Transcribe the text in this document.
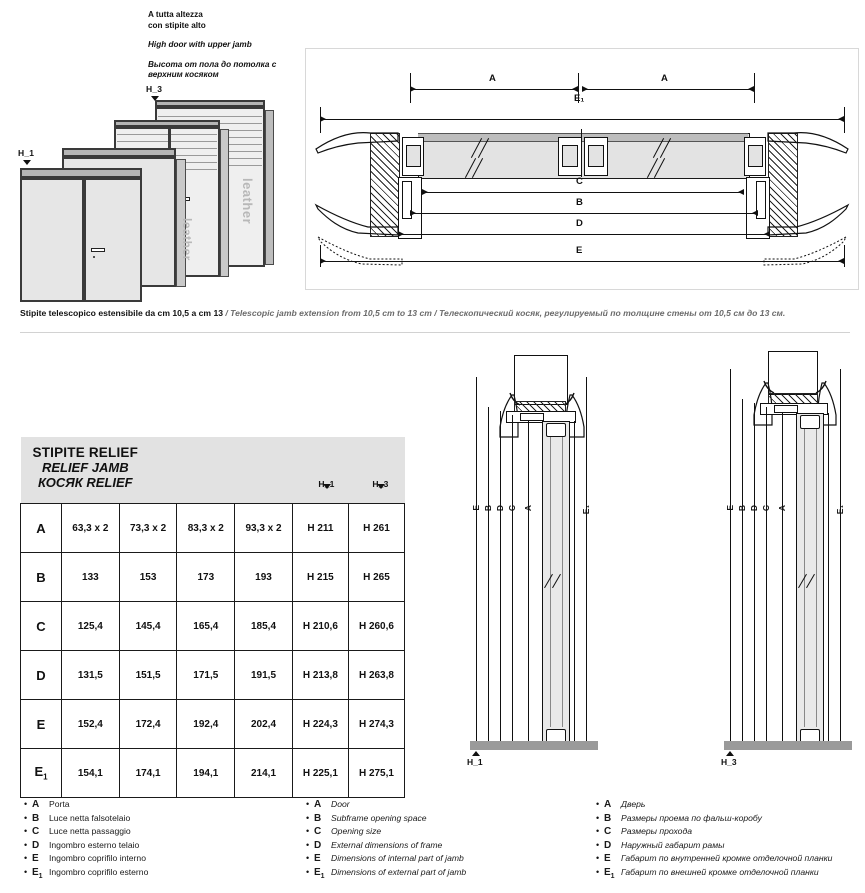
A tutta altezza
con stipite alto
High door with upper jamb
Высота от пола до потолка с
верхним косяком
H_3
H_1
leather
leather
A	A
E₁
C
B
D
E
Stipite telescopico estensibile da cm 10,5 a cm 13 / Telescopic jamb extension from 10,5 cm to 13 cm / Телескопический косяк, регулируемый по толщине стены от 10,5 см до 13 см.
STIPITE RELIEF
RELIEF JAMB
КОСЯК RELIEF H_1 H_3						

A	63,3 x 2	73,3 x 2	83,3 x 2	93,3 x 2	H 211	H 261
B	133	153	173	193	H 215	H 265
C	125,4	145,4	165,4	185,4	H 210,6	H 260,6
D	131,5	151,5	171,5	191,5	H 213,8	H 263,8
E	152,4	172,4	192,4	202,4	H 224,3	H 274,3
$E_1$	154,1	174,1	194,1	214,1	H 225,1	H 275,1
E B D C A	E₁
H_1
E B D C A	E₁
H_3
• A	Porta
• B	Luce netta falsotelaio
• C	Luce netta passaggio
• D	Ingombro esterno telaio
• E	Ingombro coprifilo interno
• $E_1$ Ingombro coprifilo esterno
• A	Door
• B	Subframe opening space
• C	Opening size
• D	External dimensions of frame
• E	Dimensions of internal part of jamb
• $E_1$ Dimensions of external part of jamb
• A	Дверь
• B	Размеры проема по фальш-коробу
• C	Размеры прохода
• D	Наружный габарит рамы
• E	Габарит по внутренней кромке отделочной планки
• $E_1$ Габарит по внешней кромке отделочной планки
